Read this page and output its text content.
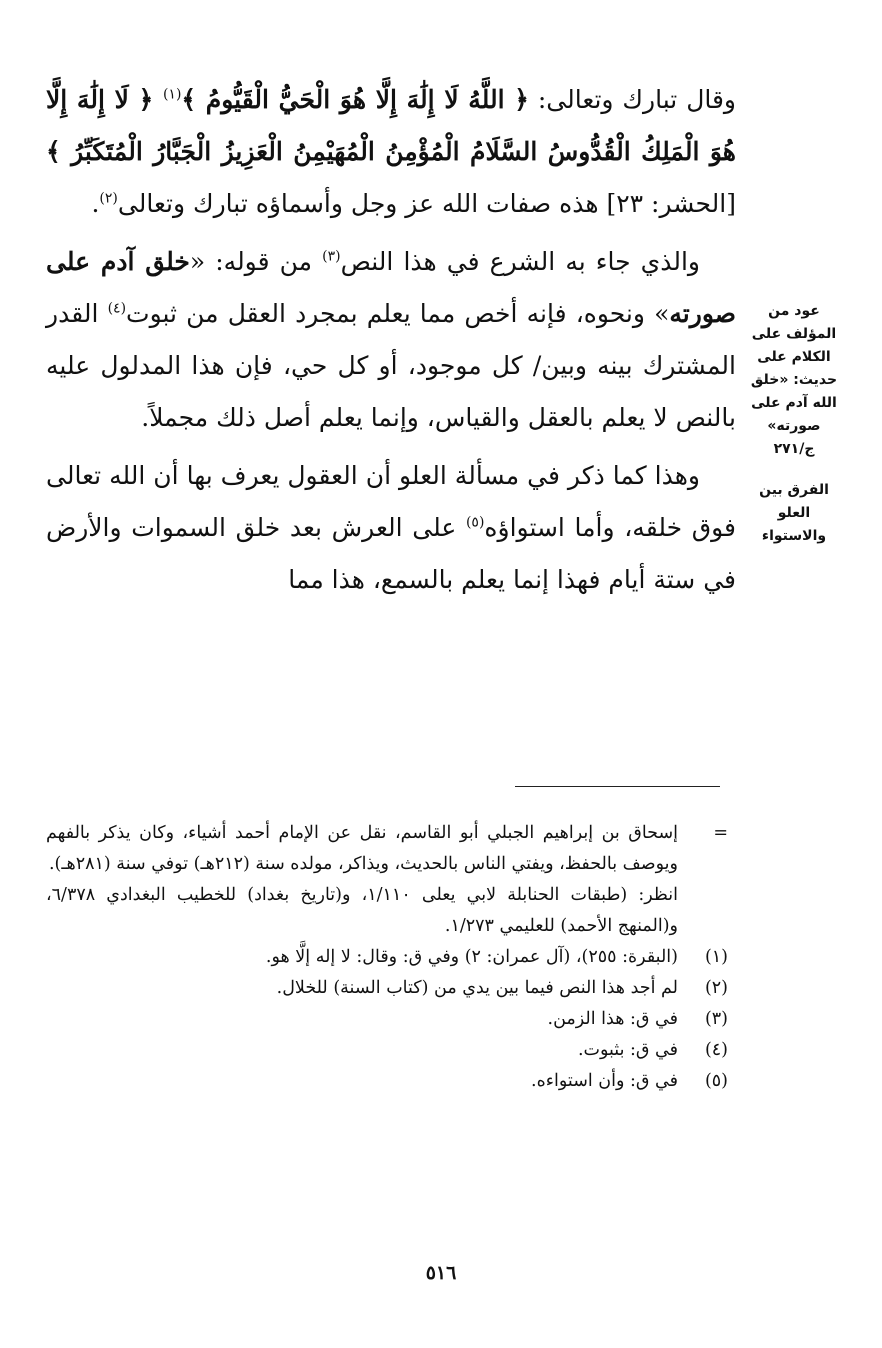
وقال تبارك وتعالى: ﴿ اللَّهُ لَا إِلَٰهَ إِلَّا هُوَ الْحَيُّ الْقَيُّومُ ﴾$^{(١)}$ ﴿ لَا إِلَٰهَ إِلَّا هُوَ الْمَلِكُ الْقُدُّوسُ السَّلَامُ الْمُؤْمِنُ الْمُهَيْمِنُ الْعَزِيزُ الْجَبَّارُ الْمُتَكَبِّرُ ﴾ [الحشر: ٢٣] هذه صفات الله عز وجل وأسماؤه تبارك وتعالى$^{(٢)}$.

والذي جاء به الشرع في هذا النص$^{(٣)}$ من قوله: «خلق آدم على صورته» ونحوه، فإنه أخص مما يعلم بمجرد العقل من ثبوت$^{(٤)}$ القدر المشترك بينه وبين/ كل موجود، أو كل حي، فإن هذا المدلول عليه بالنص لا يعلم بالعقل والقياس، وإنما يعلم أصل ذلك مجملاً.

وهذا كما ذكر في مسألة العلو أن العقول يعرف بها أن الله تعالى فوق خلقه، وأما استواؤه$^{(٥)}$ على العرش بعد خلق السموات والأرض في ستة أيام فهذا إنما يعلم بالسمع، هذا مما

عود من المؤلف على الكلام على حديث: «خلق الله آدم على صورته»
ج/٢٧١
الفرق بين العلو والاستواء
=
إسحاق بن إبراهيم الجبلي أبو القاسم، نقل عن الإمام أحمد أشياء، وكان يذكر بالفهم ويوصف بالحفظ، ويفتي الناس بالحديث، ويذاكر، مولده سنة (٢١٢هـ) توفي سنة (٢٨١هـ).
انظر: (طبقات الحنابلة لابي يعلى ١/١١٠، و(تاريخ بغداد) للخطيب البغدادي ٦/٣٧٨، و(المنهج الأحمد) للعليمي ١/٢٧٣.
(١)
(البقرة: ٢٥٥)، (آل عمران: ٢) وفي ق: وقال: لا إله إلَّا هو.
(٢)
لم أجد هذا النص فيما بين يدي من (كتاب السنة) للخلال.
(٣)
في ق: هذا الزمن.
(٤)
في ق: بثبوت.
(٥)
في ق: وأن استواءه.
٥١٦
